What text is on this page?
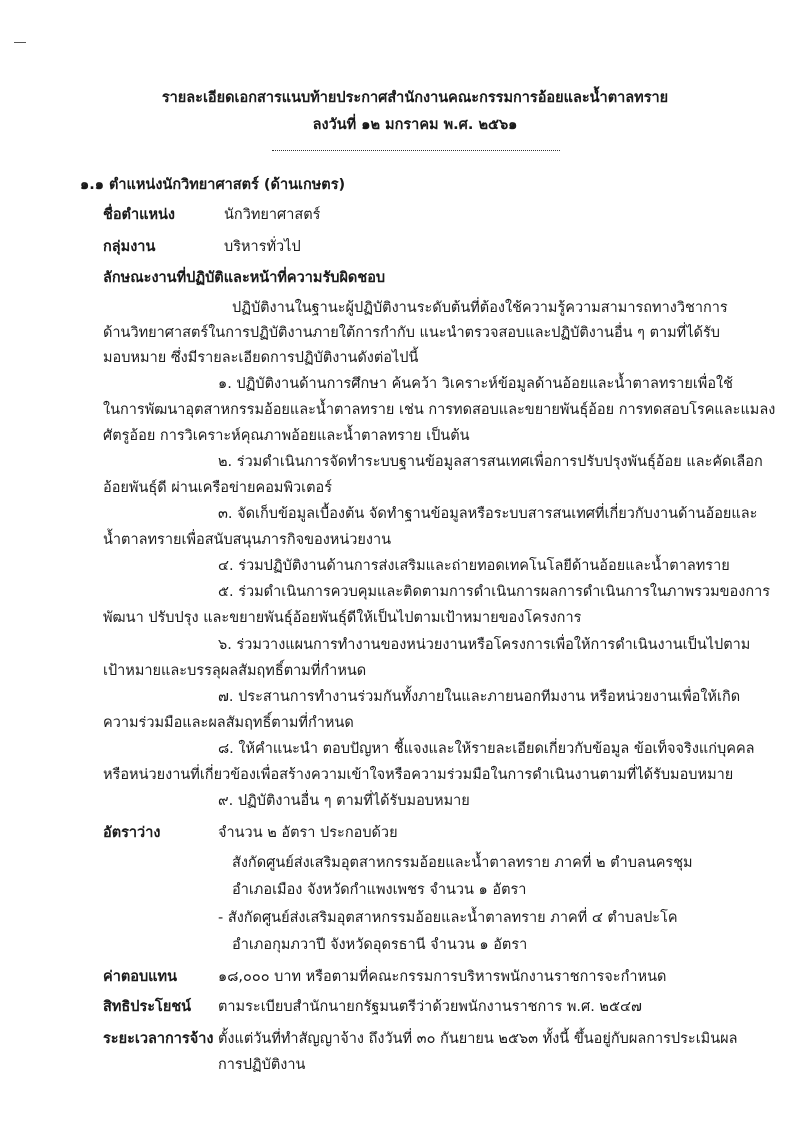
รายละเอียดเอกสารแนบท้ายประกาศสำนักงานคณะกรรมการอ้อยและน้ำตาลทราย
ลงวันที่ ๑๒ มกราคม พ.ศ. ๒๕๖๑
๑.๑ ตำแหน่งนักวิทยาศาสตร์ (ด้านเกษตร)
ชื่อตำแหน่ง	นักวิทยาศาสตร์
กลุ่มงาน	บริหารทั่วไป
ลักษณะงานที่ปฏิบัติและหน้าที่ความรับผิดชอบ
ปฏิบัติงานในฐานะผู้ปฏิบัติงานระดับต้นที่ต้องใช้ความรู้ความสามารถทางวิชาการ
ด้านวิทยาศาสตร์ในการปฏิบัติงานภายใต้การกำกับ แนะนำตรวจสอบและปฏิบัติงานอื่น ๆ ตามที่ได้รับ
มอบหมาย ซึ่งมีรายละเอียดการปฏิบัติงานดังต่อไปนี้
๑. ปฏิบัติงานด้านการศึกษา ค้นคว้า วิเคราะห์ข้อมูลด้านอ้อยและน้ำตาลทรายเพื่อใช้
ในการพัฒนาอุตสาหกรรมอ้อยและน้ำตาลทราย เช่น การทดสอบและขยายพันธุ์อ้อย การทดสอบโรคและแมลง
ศัตรูอ้อย การวิเคราะห์คุณภาพอ้อยและน้ำตาลทราย เป็นต้น
๒. ร่วมดำเนินการจัดทำระบบฐานข้อมูลสารสนเทศเพื่อการปรับปรุงพันธุ์อ้อย และคัดเลือก
อ้อยพันธุ์ดี ผ่านเครือข่ายคอมพิวเตอร์
๓. จัดเก็บข้อมูลเบื้องต้น จัดทำฐานข้อมูลหรือระบบสารสนเทศที่เกี่ยวกับงานด้านอ้อยและ
น้ำตาลทรายเพื่อสนับสนุนภารกิจของหน่วยงาน
๔. ร่วมปฏิบัติงานด้านการส่งเสริมและถ่ายทอดเทคโนโลยีด้านอ้อยและน้ำตาลทราย
๕. ร่วมดำเนินการควบคุมและติดตามการดำเนินการผลการดำเนินการในภาพรวมของการ
พัฒนา ปรับปรุง และขยายพันธุ์อ้อยพันธุ์ดีให้เป็นไปตามเป้าหมายของโครงการ
๖. ร่วมวางแผนการทำงานของหน่วยงานหรือโครงการเพื่อให้การดำเนินงานเป็นไปตาม
เป้าหมายและบรรลุผลสัมฤทธิ์ตามที่กำหนด
๗. ประสานการทำงานร่วมกันทั้งภายในและภายนอกทีมงาน หรือหน่วยงานเพื่อให้เกิด
ความร่วมมือและผลสัมฤทธิ์ตามที่กำหนด
๘. ให้คำแนะนำ ตอบปัญหา ชี้แจงและให้รายละเอียดเกี่ยวกับข้อมูล ข้อเท็จจริงแก่บุคคล
หรือหน่วยงานที่เกี่ยวข้องเพื่อสร้างความเข้าใจหรือความร่วมมือในการดำเนินงานตามที่ได้รับมอบหมาย
๙. ปฏิบัติงานอื่น ๆ ตามที่ได้รับมอบหมาย
อัตราว่าง	จำนวน ๒ อัตรา ประกอบด้วย
สังกัดศูนย์ส่งเสริมอุตสาหกรรมอ้อยและน้ำตาลทราย ภาคที่ ๒ ตำบลนครชุม
อำเภอเมือง จังหวัดกำแพงเพชร จำนวน ๑ อัตรา
- สังกัดศูนย์ส่งเสริมอุตสาหกรรมอ้อยและน้ำตาลทราย ภาคที่ ๔ ตำบลปะโค
อำเภอกุมภวาปี จังหวัดอุดรธานี จำนวน ๑ อัตรา
ค่าตอบแทน	๑๘,๐๐๐ บาท หรือตามที่คณะกรรมการบริหารพนักงานราชการจะกำหนด
สิทธิประโยชน์ ตามระเบียบสำนักนายกรัฐมนตรีว่าด้วยพนักงานราชการ พ.ศ. ๒๕๔๗
ระยะเวลาการจ้าง ตั้งแต่วันที่ทำสัญญาจ้าง ถึงวันที่ ๓๐ กันยายน ๒๕๖๓ ทั้งนี้ ขึ้นอยู่กับผลการประเมินผล
การปฏิบัติงาน
